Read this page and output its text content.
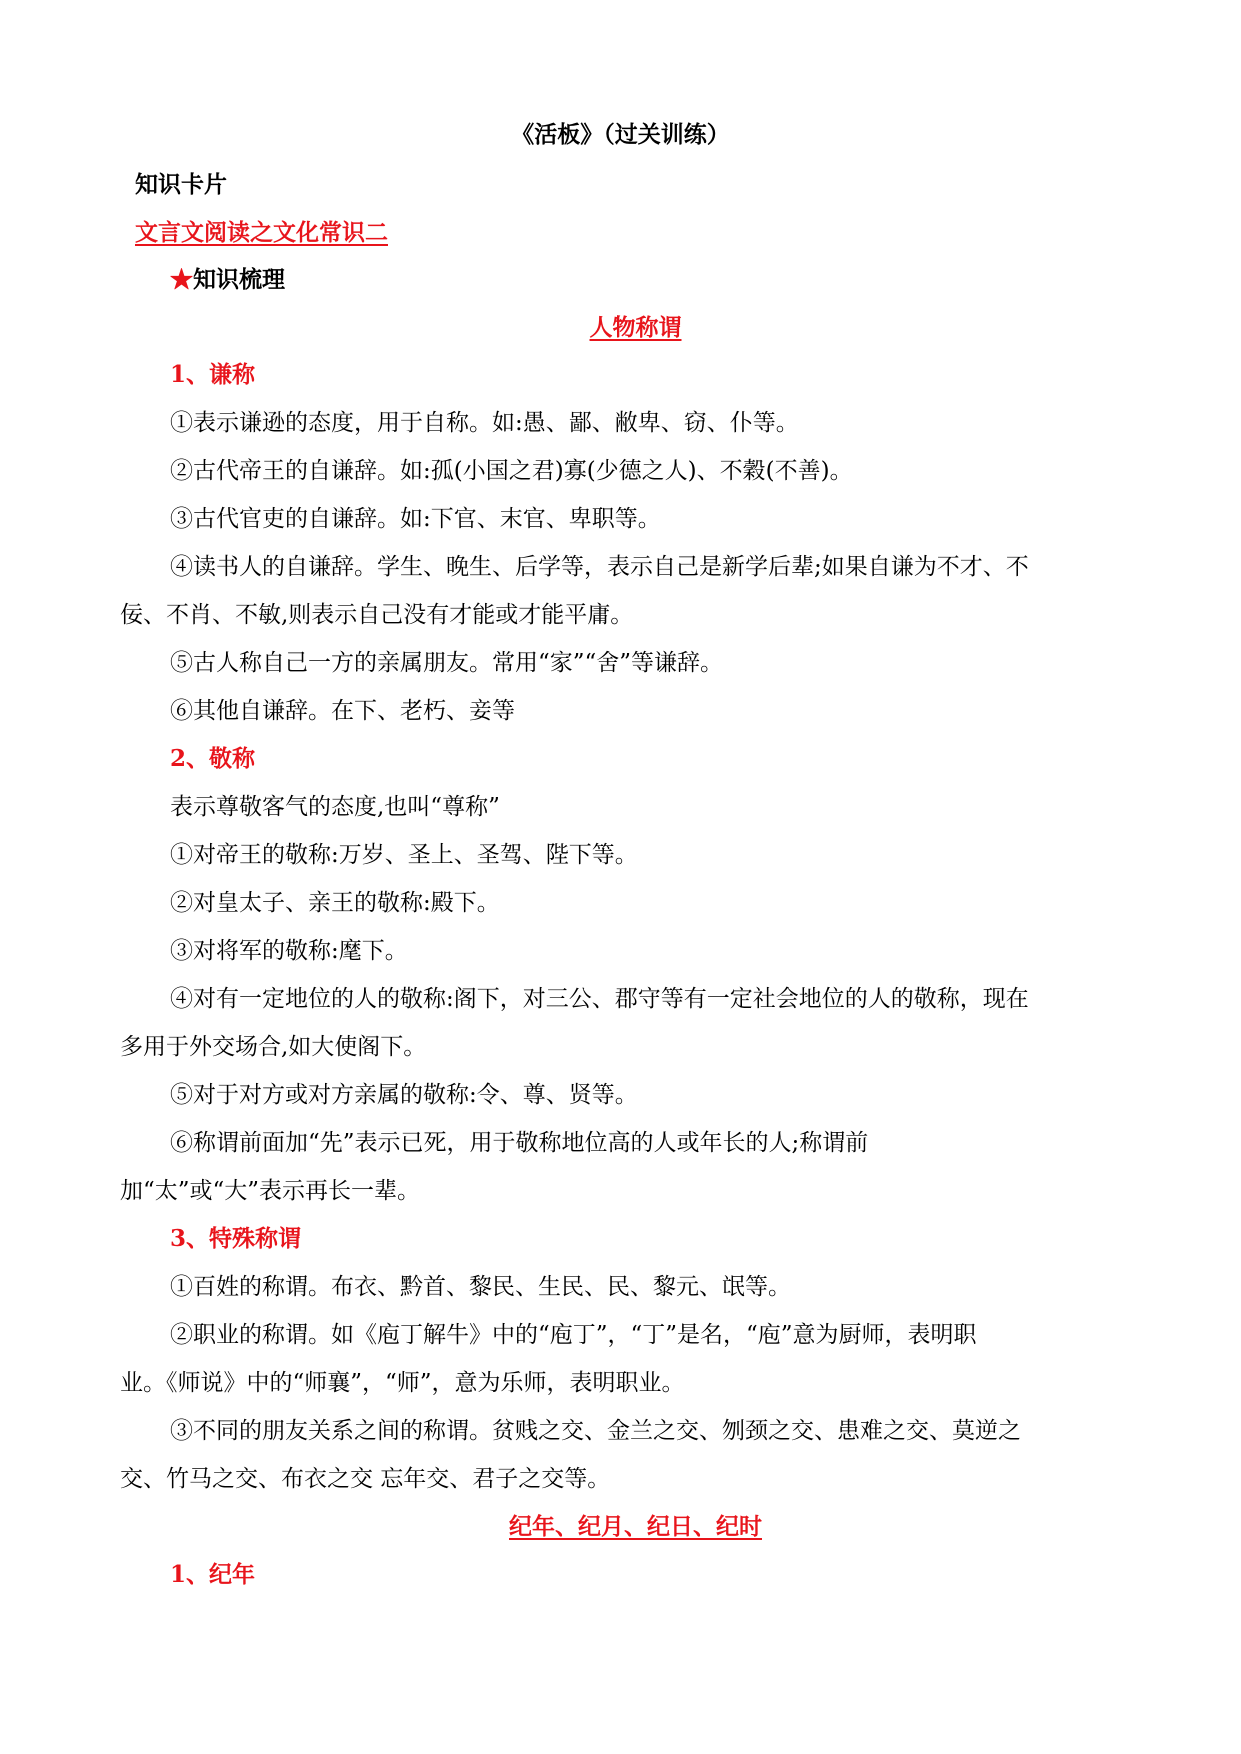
《活板》（过关训练）
知识卡片
文言文阅读之文化常识二
★知识梳理
人物称谓
1、谦称
①表示谦逊的态度，用于自称。如:愚、鄙、敝卑、窃、仆等。
②古代帝王的自谦辞。如:孤(小国之君)寡(少德之人)、不穀(不善)。
③古代官吏的自谦辞。如:下官、末官、卑职等。
④读书人的自谦辞。学生、晚生、后学等，表示自己是新学后辈;如果自谦为不才、不
佞、不肖、不敏,则表示自己没有才能或才能平庸。
⑤古人称自己一方的亲属朋友。常用“家”“舍”等谦辞。
⑥其他自谦辞。在下、老朽、妾等
2、敬称
表示尊敬客气的态度,也叫“尊称”
①对帝王的敬称:万岁、圣上、圣驾、陛下等。
②对皇太子、亲王的敬称:殿下。
③对将军的敬称:麾下。
④对有一定地位的人的敬称:阁下，对三公、郡守等有一定社会地位的人的敬称，现在
多用于外交场合,如大使阁下。
⑤对于对方或对方亲属的敬称:令、尊、贤等。
⑥称谓前面加“先”表示已死，用于敬称地位高的人或年长的人;称谓前
加“太”或“大”表示再长一辈。
3、特殊称谓
①百姓的称谓。布衣、黔首、黎民、生民、民、黎元、氓等。
②职业的称谓。如《庖丁解牛》中的“庖丁”，“丁”是名，“庖”意为厨师，表明职
业。《师说》中的“师襄”，“师”，意为乐师，表明职业。
③不同的朋友关系之间的称谓。贫贱之交、金兰之交、刎颈之交、患难之交、莫逆之
交、竹马之交、布衣之交 忘年交、君子之交等。
纪年、纪月、纪日、纪时
1、纪年
